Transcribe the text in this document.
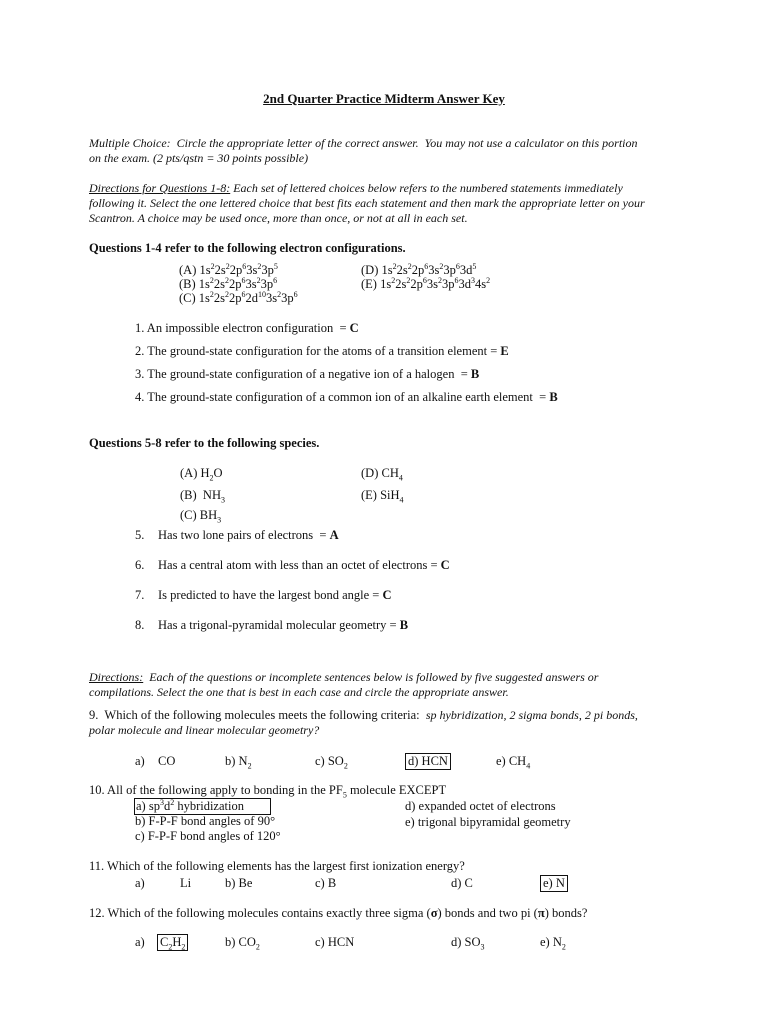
2nd Quarter Practice Midterm Answer Key
Multiple Choice:  Circle the appropriate letter of the correct answer.  You may not use a calculator on this portion
on the exam. (2 pts/qstn = 30 points possible)
Directions for Questions 1-8: Each set of lettered choices below refers to the numbered statements immediately
following it. Select the one lettered choice that best fits each statement and then mark the appropriate letter on your
Scantron. A choice may be used once, more than once, or not at all in each set.
Questions 1-4 refer to the following electron configurations.
(A) $1s^22s^22p^63s^23p^5$
(B) $1s^22s^22p^63s^23p^6$
(C) $1s^22s^22p^62d^{10}3s^23p^6$
(D) $1s^22s^22p^63s^23p^63d^5$
(E) $1s^22s^22p^63s^23p^63d^34s^2$
1. An impossible electron configuration  = C
2. The ground-state configuration for the atoms of a transition element = E
3. The ground-state configuration of a negative ion of a halogen  = B
4. The ground-state configuration of a common ion of an alkaline earth element  = B
Questions 5-8 refer to the following species.
(A) $H_2O$
(B)  $NH_3$
(C) $BH_3$
(D) $CH_4$
(E) SiH$_4$
5. Has two lone pairs of electrons  = A
6. Has a central atom with less than an octet of electrons = C
7. Is predicted to have the largest bond angle = C
8. Has a trigonal-pyramidal molecular geometry = B
Directions:  Each of the questions or incomplete sentences below is followed by five suggested answers or
compilations. Select the one that is best in each case and circle the appropriate answer.
9.  Which of the following molecules meets the following criteria:  sp hybridization, 2 sigma bonds, 2 pi bonds,
polar molecule and linear molecular geometry?
a) CO	b) $N_2$	c) $SO_2$	d) HCN	e) $CH_4$
10. All of the following apply to bonding in the $PF_5$ molecule EXCEPT
a) $sp^3d^2$ hybridization
b) F-P-F bond angles of 90°
c) F-P-F bond angles of 120°
d) expanded octet of electrons
e) trigonal bipyramidal geometry
11. Which of the following elements has the largest first ionization energy?
a)	Li	b) Be	c) B	d) C	e) N
12. Which of the following molecules contains exactly three sigma (σ) bonds and two pi (π) bonds?
a) $C_2H_2$	b) $CO_2$	c) HCN	d) $SO_3$	e) $N_2$
